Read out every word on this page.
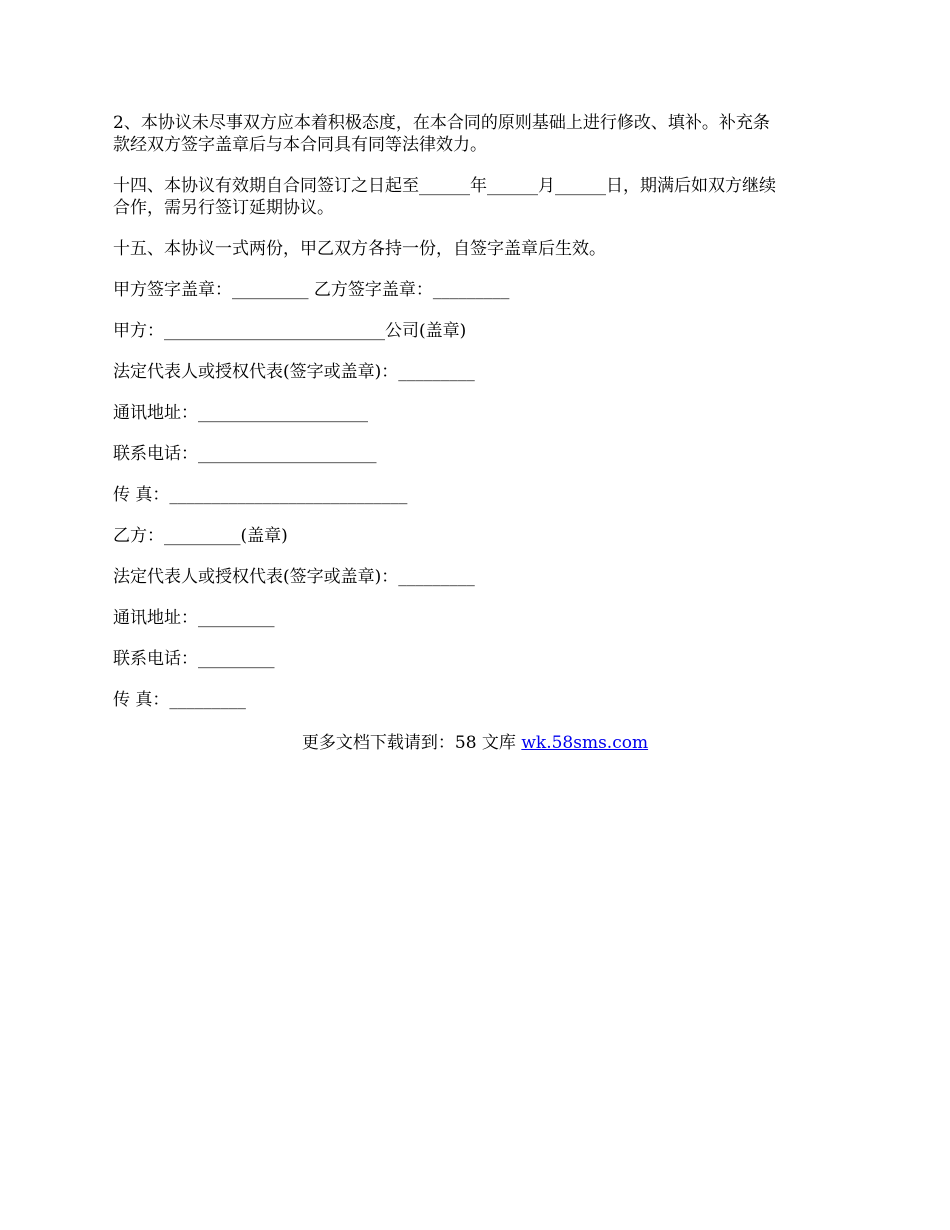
2、本协议未尽事双方应本着积极态度，在本合同的原则基础上进行修改、填补。补充条
款经双方签字盖章后与本合同具有同等法律效力。
十四、本协议有效期自合同签订之日起至______年______月______日，期满后如双方继续
合作，需另行签订延期协议。
十五、本协议一式两份，甲乙双方各持一份，自签字盖章后生效。
甲方签字盖章：_________ 乙方签字盖章：_________
甲方：__________________________公司(盖章)
法定代表人或授权代表(签字或盖章)：_________
通讯地址：____________________
联系电话：_____________________
传 真：____________________________
乙方：_________(盖章)
法定代表人或授权代表(签字或盖章)：_________
通讯地址：_________
联系电话：_________
传 真：_________
更多文档下载请到：58 文库 wk.58sms.com
